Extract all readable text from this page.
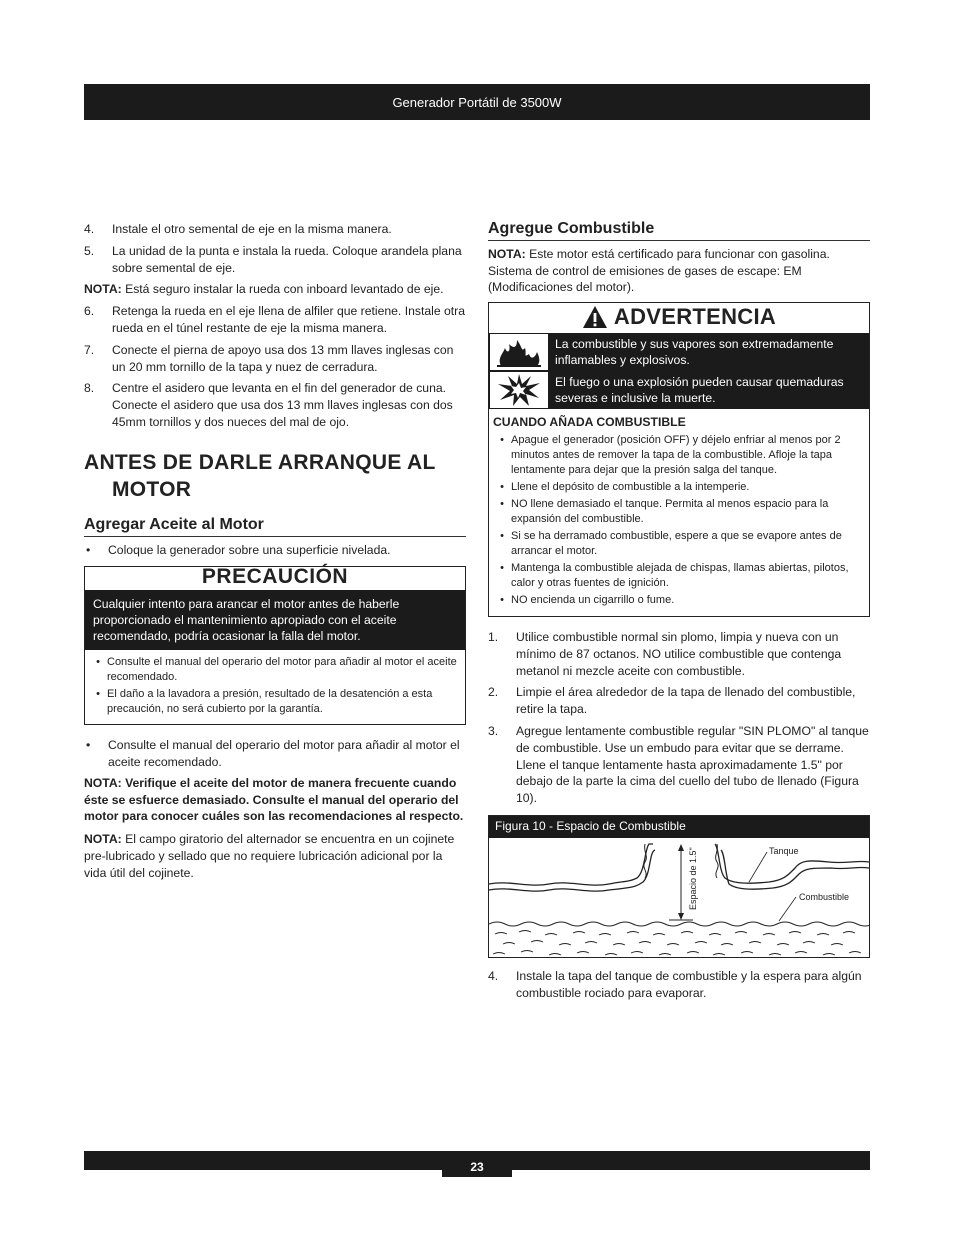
Generador Portátil de 3500W
4.	Instale el otro semental de eje en la misma manera.
5.	La unidad de la punta e instala la rueda. Coloque arandela plana sobre semental de eje.

NOTA: Está seguro instalar la rueda con inboard levantado de eje.

6.	Retenga la rueda en el eje llena de alfiler que retiene. Instale otra rueda en el túnel restante de eje la misma manera.
7.	Conecte el pierna de apoyo usa dos 13 mm llaves inglesas con un 20 mm tornillo de la tapa y nuez de cerradura.
8.	Centre el asidero que levanta en el fin del generador de cuna. Conecte el asidero que usa dos 13 mm llaves inglesas con dos 45mm tornillos y dos nueces del mal de ojo.
ANTES DE DARLE ARRANQUE AL
MOTOR
Agregar Aceite al Motor
•	Coloque la generador sobre una superficie nivelada.
PRECAUCIÓN
Cualquier intento para arancar el motor antes de haberle proporcionado el mantenimiento apropiado con el aceite recomendado, podría ocasionar la falla del motor.
• Consulte el manual del operario del motor para añadir al motor el aceite recomendado.
• El daño a la lavadora a presión, resultado de la desatención a esta precaución, no será cubierto por la garantía.
•	Consulte el manual del operario del motor para añadir al motor el aceite recomendado.

NOTA: Verifique el aceite del motor de manera frecuente cuando éste se esfuerce demasiado. Consulte el manual del operario del motor para conocer cuáles son las recomendaciones al respecto.

NOTA: El campo giratorio del alternador se encuentra en un cojinete pre-lubricado y sellado que no requiere lubricación adicional por la vida útil del cojinete.

Agregue Combustible

NOTA: Este motor está certificado para funcionar con gasolina. Sistema de control de emisiones de gases de escape: EM (Modificaciones del motor).

ADVERTENCIA
La combustible y sus vapores son extremadamente inflamables y explosivos.
El fuego o una explosión pueden causar quemaduras severas e inclusive la muerte.
CUANDO AÑADA COMBUSTIBLE
• Apague el generador (posición OFF) y déjelo enfriar al menos por 2 minutos antes de remover la tapa de la combustible. Afloje la tapa lentamente para dejar que la presión salga del tanque.
• Llene el depósito de combustible a la intemperie.
• NO llene demasiado el tanque. Permita al menos espacio para la expansión del combustible.
• Si se ha derramado combustible, espere a que se evapore antes de arrancar el motor.
• Mantenga la combustible alejada de chispas, llamas abiertas, pilotos, calor y otras fuentes de ignición.
• NO encienda un cigarrillo o fume.
1.	Utilice combustible normal sin plomo, limpia y nueva con un mínimo de 87 octanos. NO utilice combustible que contenga metanol ni mezcle aceite con combustible.
2.	Limpie el área alrededor de la tapa de llenado del combustible, retire la tapa.
3.	Agregue lentamente combustible regular "SIN PLOMO" al tanque de combustible. Use un embudo para evitar que se derrame. Llene el tanque lentamente hasta aproximadamente 1.5" por debajo de la parte la cima del cuello del tubo de llenado (Figura 10).
Figura 10 - Espacio de Combustible
Espacio de 1.5"	Tanque
Combustible
4.	Instale la tapa del tanque de combustible y la espera para algún combustible rociado para evaporar.
23
